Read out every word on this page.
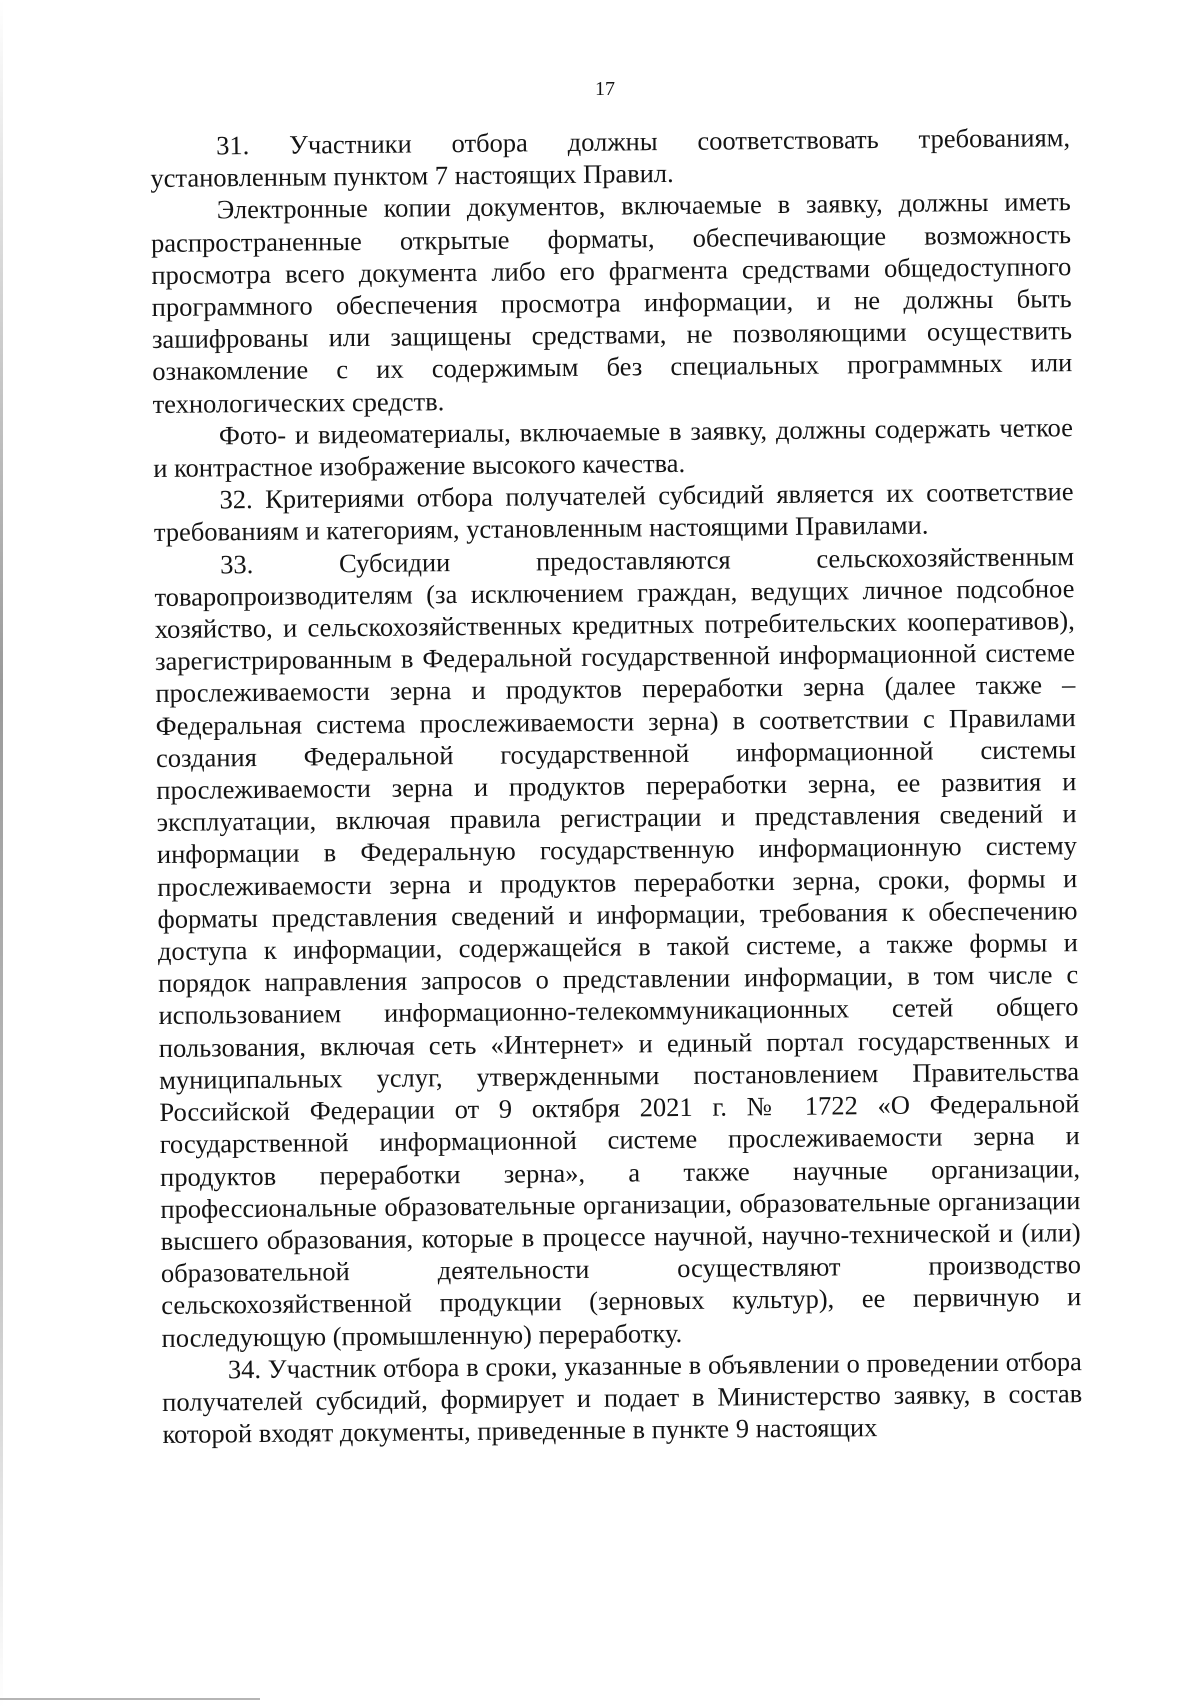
17

31. Участники отбора должны соответствовать требованиям, установленным пунктом 7 настоящих Правил.

Электронные копии документов, включаемые в заявку, должны иметь распространенные открытые форматы, обеспечивающие возможность просмотра всего документа либо его фрагмента средствами общедоступного программного обеспечения просмотра информации, и не должны быть зашифрованы или защищены средствами, не позволяющими осуществить ознакомление с их содержимым без специальных программных или технологических средств.

Фото- и видеоматериалы, включаемые в заявку, должны содержать четкое и контрастное изображение высокого качества.

32. Критериями отбора получателей субсидий является их соответствие требованиям и категориям, установленным настоящими Правилами.

33. Субсидии предоставляются сельскохозяйственным товаропроизводителям (за исключением граждан, ведущих личное подсобное хозяйство, и сельскохозяйственных кредитных потребительских кооперативов), зарегистрированным в Федеральной государственной информационной системе прослеживаемости зерна и продуктов переработки зерна (далее также – Федеральная система прослеживаемости зерна) в соответствии с Правилами создания Федеральной государственной информационной системы прослеживаемости зерна и продуктов переработки зерна, ее развития и эксплуатации, включая правила регистрации и представления сведений и информации в Федеральную государственную информационную систему прослеживаемости зерна и продуктов переработки зерна, сроки, формы и форматы представления сведений и информации, требования к обеспечению доступа к информации, содержащейся в такой системе, а также формы и порядок направления запросов о представлении информации, в том числе с использованием информационно-телекоммуникационных сетей общего пользования, включая сеть «Интернет» и единый портал государственных и муниципальных услуг, утвержденными постановлением Правительства Российской Федерации от 9 октября 2021 г. № 1722 «О Федеральной государственной информационной системе прослеживаемости зерна и продуктов переработки зерна», а также научные организации, профессиональные образовательные организации, образовательные организации высшего образования, которые в процессе научной, научно-технической и (или) образовательной деятельности осуществляют производство сельскохозяйственной продукции (зерновых культур), ее первичную и последующую (промышленную) переработку.

34. Участник отбора в сроки, указанные в объявлении о проведении отбора получателей субсидий, формирует и подает в Министерство заявку, в состав которой входят документы, приведенные в пункте 9 настоящих
